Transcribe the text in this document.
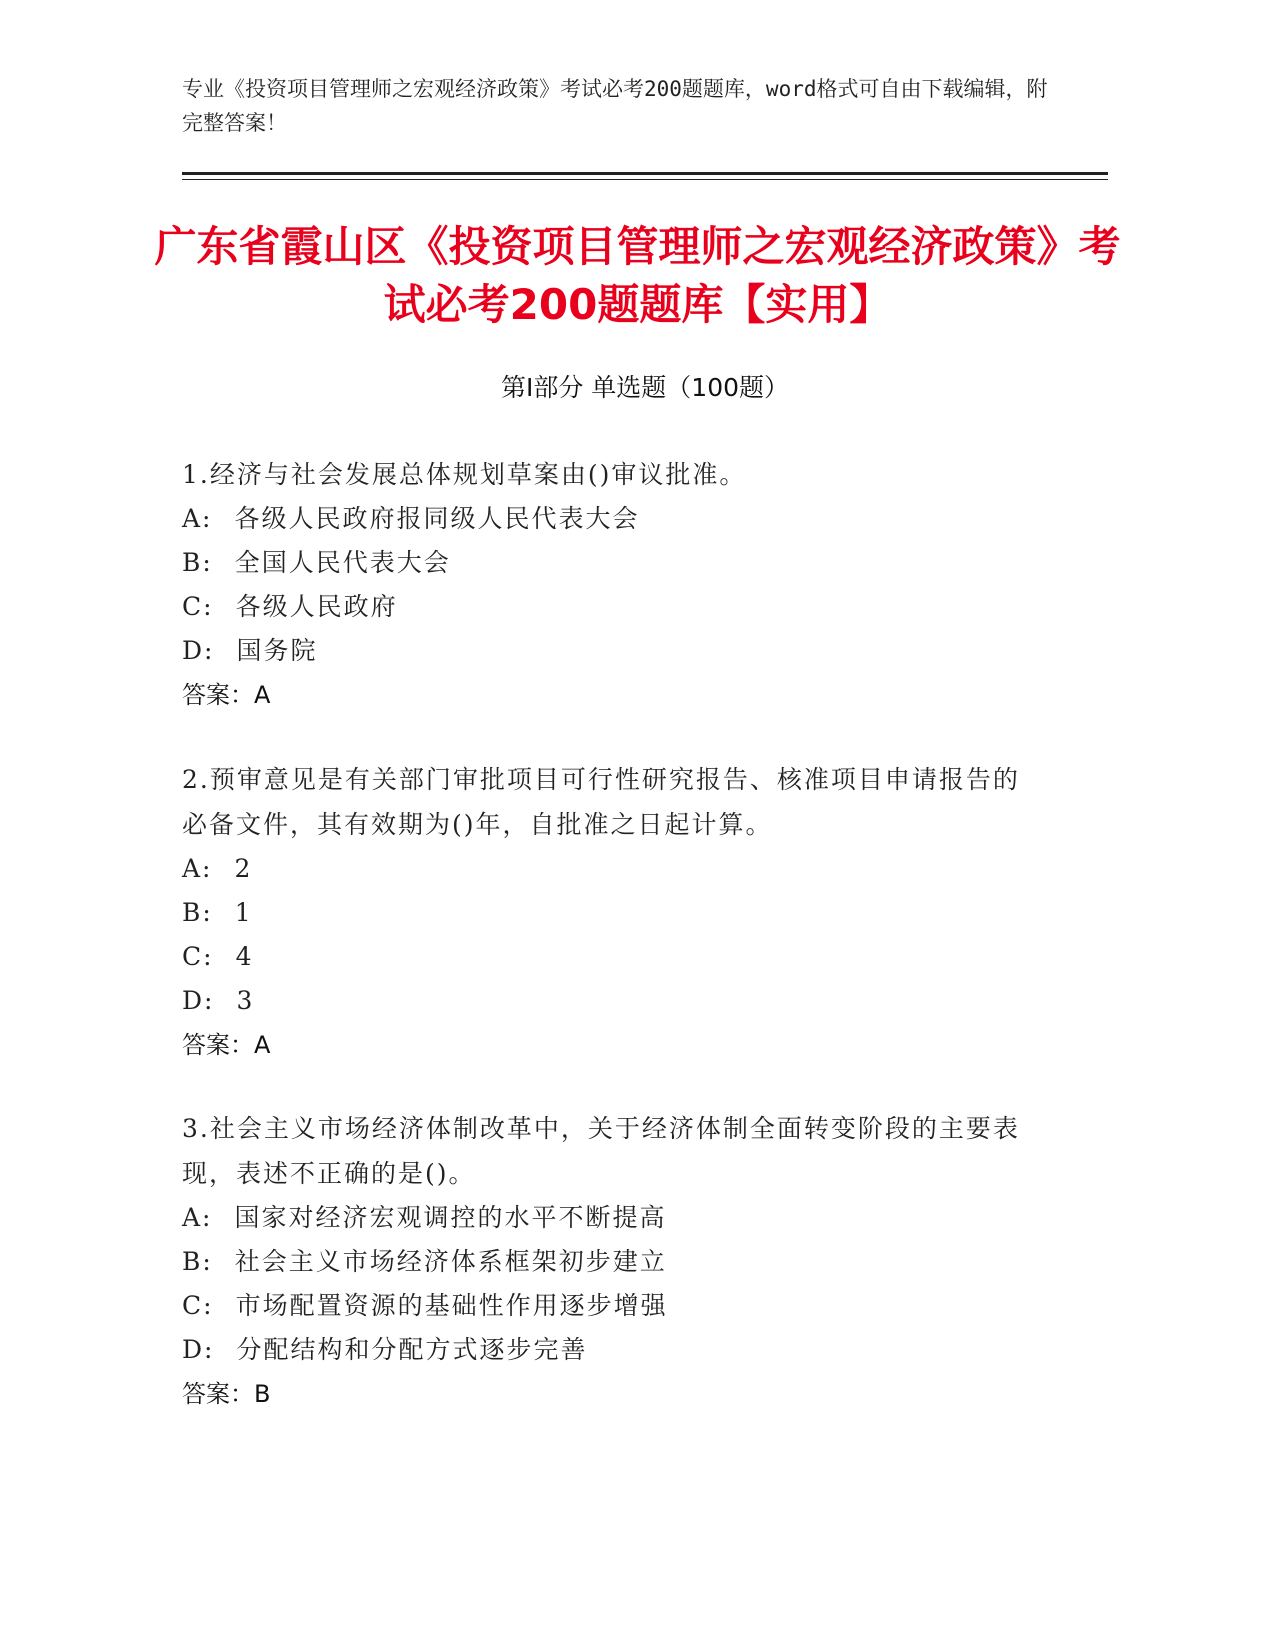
专业《投资项目管理师之宏观经济政策》考试必考200题题库，word格式可自由下载编辑，附完整答案！
广东省霞山区《投资项目管理师之宏观经济政策》考试必考200题题库【实用】
第Ⅰ部分 单选题（100题）
1.经济与社会发展总体规划草案由()审议批准。
A: 各级人民政府报同级人民代表大会
B: 全国人民代表大会
C: 各级人民政府
D: 国务院
答案：A
2.预审意见是有关部门审批项目可行性研究报告、核准项目申请报告的必备文件，其有效期为()年，自批准之日起计算。
A: 2
B: 1
C: 4
D: 3
答案：A
3.社会主义市场经济体制改革中，关于经济体制全面转变阶段的主要表现，表述不正确的是()。
A: 国家对经济宏观调控的水平不断提高
B: 社会主义市场经济体系框架初步建立
C: 市场配置资源的基础性作用逐步增强
D: 分配结构和分配方式逐步完善
答案：B
